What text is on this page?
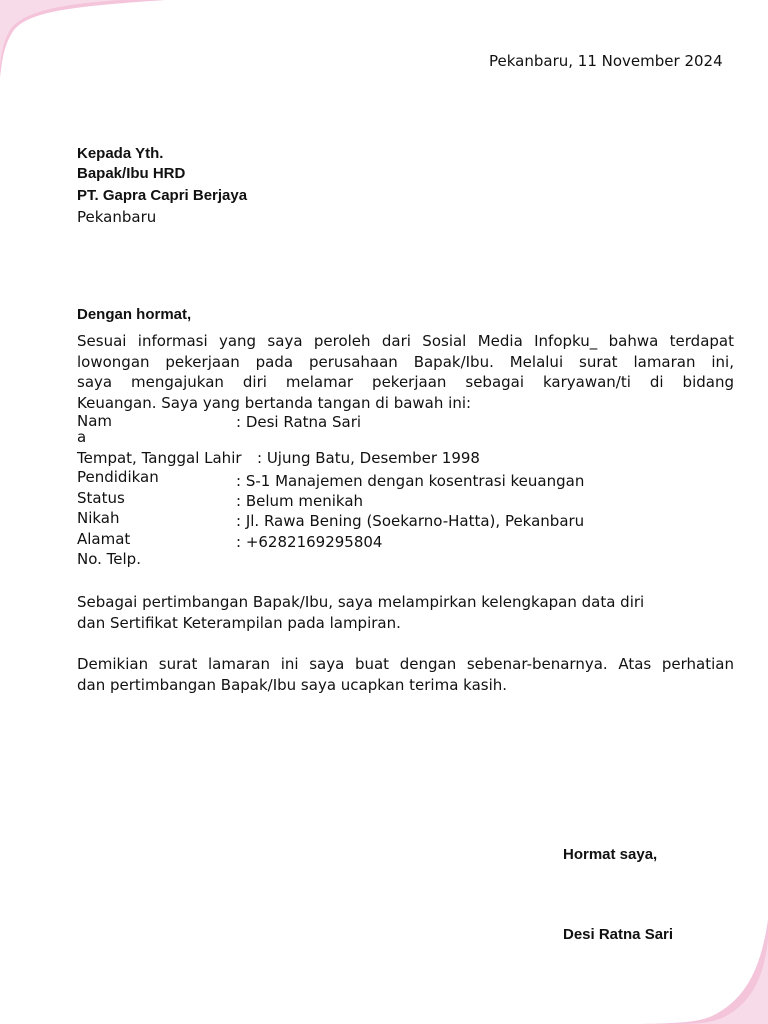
Pekanbaru, 11 November 2024
Kepada Yth.
Bapak/Ibu HRD
PT. Gapra Capri Berjaya
Pekanbaru
Dengan hormat,
Sesuai informasi yang saya peroleh dari Sosial Media Infopku_ bahwa terdapat
lowongan pekerjaan pada perusahaan Bapak/Ibu. Melalui surat lamaran ini,
saya mengajukan diri melamar pekerjaan sebagai karyawan/ti di bidang
Keuangan. Saya yang bertanda tangan di bawah ini:
Nama
Tempat, Tanggal Lahir
Pendidikan
Status
Nikah
Alamat
No. Telp.
: Desi Ratna Sari
: Ujung Batu, Desember 1998
: S-1 Manajemen dengan kosentrasi keuangan
: Belum menikah
: Jl. Rawa Bening (Soekarno-Hatta), Pekanbaru
: +6282169295804
Sebagai pertimbangan Bapak/Ibu, saya melampirkan kelengkapan data diri
dan Sertifikat Keterampilan pada lampiran.
Demikian surat lamaran ini saya buat dengan sebenar-benarnya. Atas perhatian
dan pertimbangan Bapak/Ibu saya ucapkan terima kasih.
Hormat saya,
Desi Ratna Sari
